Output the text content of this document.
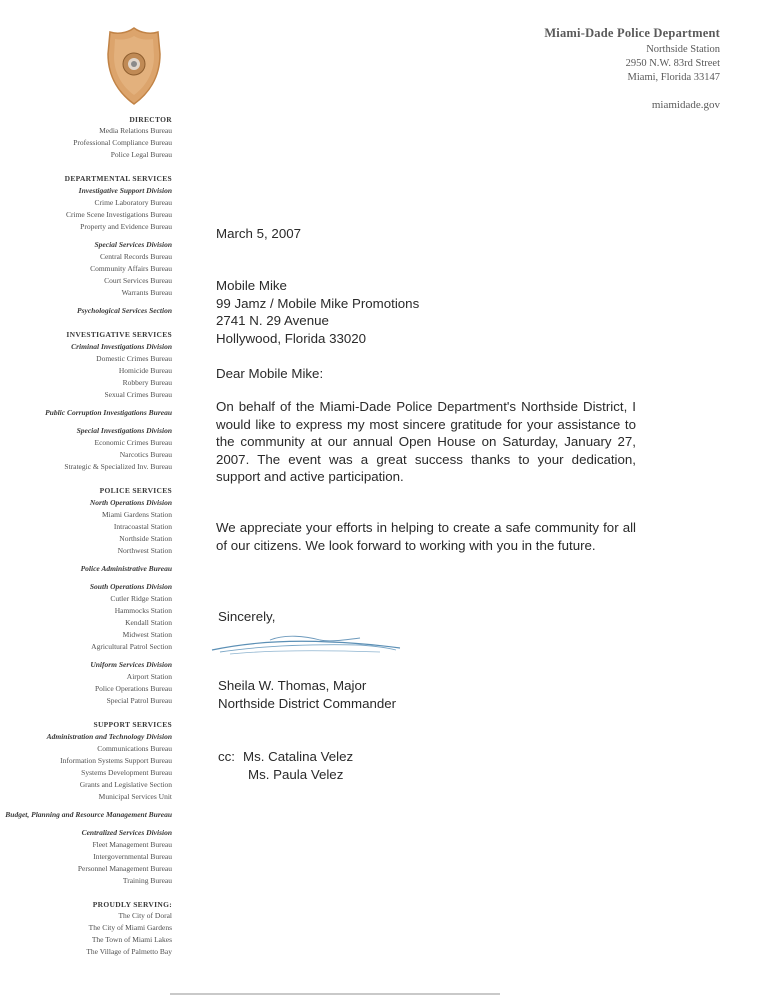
Miami-Dade Police Department
Northside Station
2950 N.W. 83rd Street
Miami, Florida 33147
miamidade.gov
DIRECTOR
Media Relations Bureau
Professional Compliance Bureau
Police Legal Bureau
DEPARTMENTAL SERVICES
Investigative Support Division
Crime Laboratory Bureau
Crime Scene Investigations Bureau
Property and Evidence Bureau
Special Services Division
Central Records Bureau
Community Affairs Bureau
Court Services Bureau
Warrants Bureau
Psychological Services Section
INVESTIGATIVE SERVICES
Criminal Investigations Division
Domestic Crimes Bureau
Homicide Bureau
Robbery Bureau
Sexual Crimes Bureau
Public Corruption Investigations Bureau
Special Investigations Division
Economic Crimes Bureau
Narcotics Bureau
Strategic & Specialized Inv. Bureau
POLICE SERVICES
North Operations Division
Miami Gardens Station
Intracoastal Station
Northside Station
Northwest Station
Police Administrative Bureau
South Operations Division
Cutler Ridge Station
Hammocks Station
Kendall Station
Midwest Station
Agricultural Patrol Section
Uniform Services Division
Airport Station
Police Operations Bureau
Special Patrol Bureau
SUPPORT SERVICES
Administration and Technology Division
Communications Bureau
Information Systems Support Bureau
Systems Development Bureau
Grants and Legislative Section
Municipal Services Unit
Budget, Planning and Resource Management Bureau
Centralized Services Division
Fleet Management Bureau
Intergovernmental Bureau
Personnel Management Bureau
Training Bureau
PROUDLY SERVING:
The City of Doral
The City of Miami Gardens
The Town of Miami Lakes
The Village of Palmetto Bay
March 5, 2007
Mobile Mike
99 Jamz / Mobile Mike Promotions
2741 N. 29 Avenue
Hollywood, Florida 33020
Dear Mobile Mike:
On behalf of the Miami-Dade Police Department's Northside District, I would like to express my most sincere gratitude for your assistance to the community at our annual Open House on Saturday, January 27, 2007. The event was a great success thanks to your dedication, support and active participation.
We appreciate your efforts in helping to create a safe community for all of our citizens. We look forward to working with you in the future.
Sincerely,
Sheila W. Thomas, Major
Northside District Commander
cc: Ms. Catalina Velez
Ms. Paula Velez
